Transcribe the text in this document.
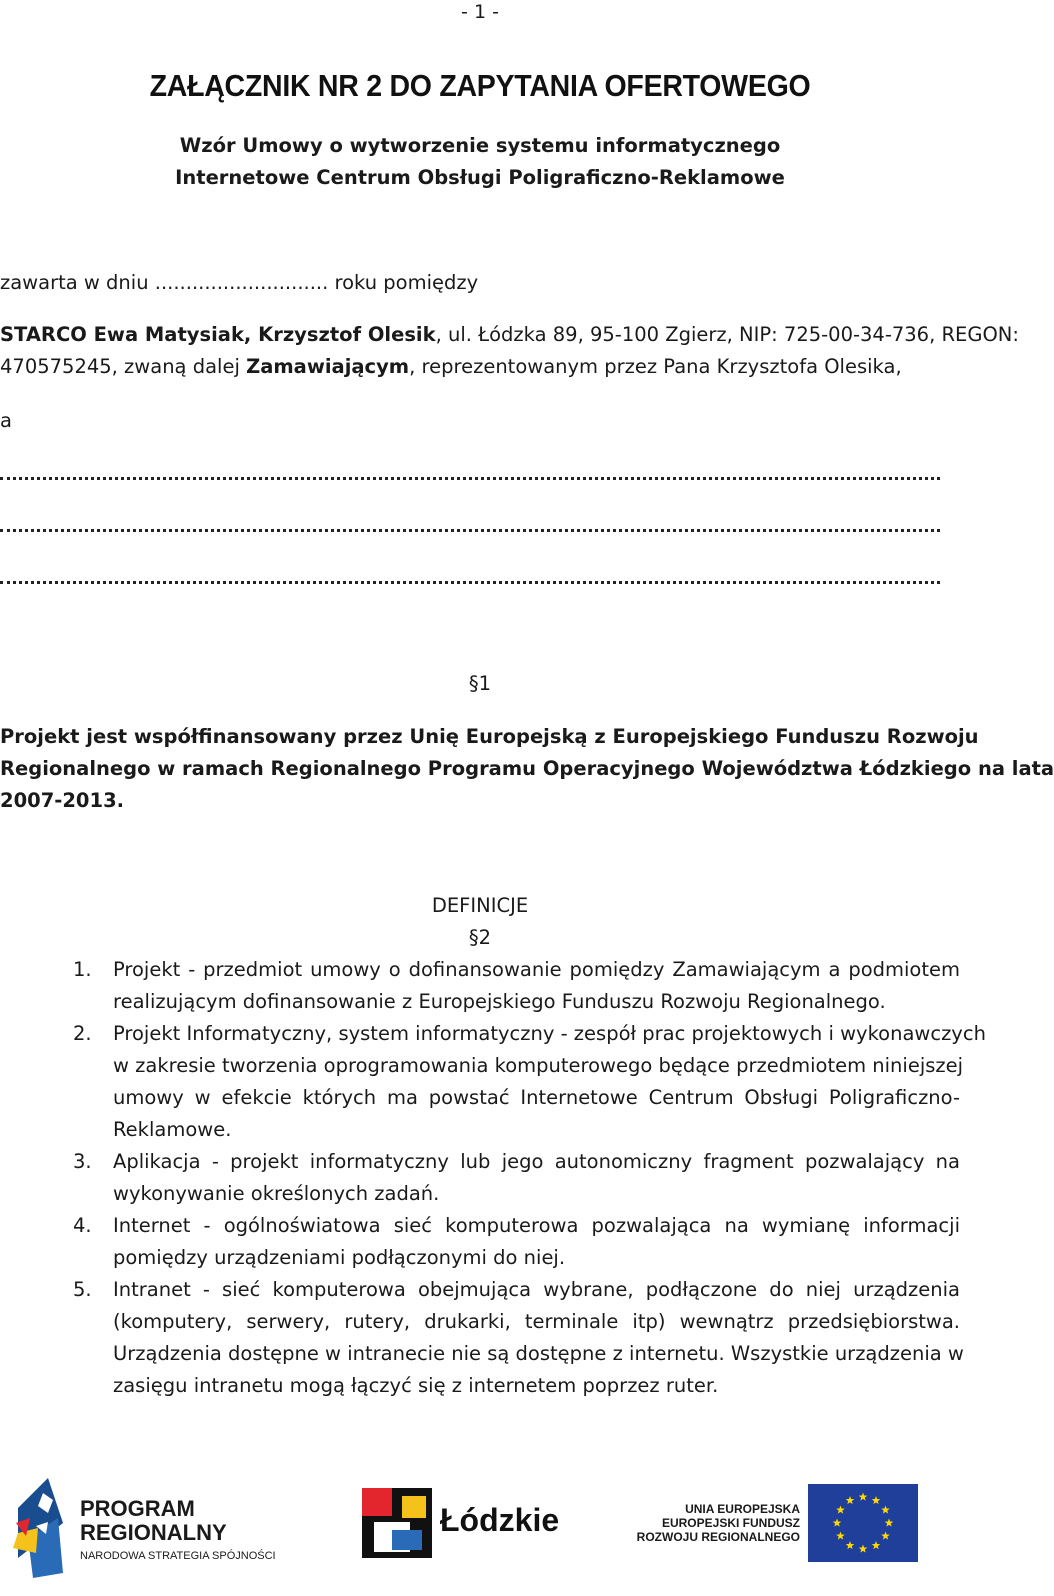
- 1 -
ZAŁĄCZNIK NR 2 DO ZAPYTANIA OFERTOWEGO
Wzór Umowy o wytworzenie systemu informatycznego
Internetowe Centrum Obsługi Poligraficzno-Reklamowe
zawarta w dniu ............................ roku pomiędzy
STARCO Ewa Matysiak, Krzysztof Olesik, ul. Łódzka 89, 95-100 Zgierz, NIP: 725-00-34-736, REGON:
470575245, zwaną dalej Zamawiającym, reprezentowanym przez Pana Krzysztofa Olesika,
a
§1
Projekt jest współfinansowany przez Unię Europejską z Europejskiego Funduszu Rozwoju
Regionalnego w ramach Regionalnego Programu Operacyjnego Województwa Łódzkiego na lata
2007-2013.
DEFINICJE
§2
1. Projekt - przedmiot umowy o dofinansowanie pomiędzy Zamawiającym a podmiotem
realizującym dofinansowanie z Europejskiego Funduszu Rozwoju Regionalnego.
2. Projekt Informatyczny, system informatyczny - zespół prac projektowych i wykonawczych
w zakresie tworzenia oprogramowania komputerowego będące przedmiotem niniejszej
umowy w efekcie których ma powstać Internetowe Centrum Obsługi Poligraficzno-
Reklamowe.
3. Aplikacja - projekt informatyczny lub jego autonomiczny fragment pozwalający na
wykonywanie określonych zadań.
4. Internet - ogólnoświatowa sieć komputerowa pozwalająca na wymianę informacji
pomiędzy urządzeniami podłączonymi do niej.
5. Intranet - sieć komputerowa obejmująca wybrane, podłączone do niej urządzenia
(komputery, serwery, rutery, drukarki, terminale itp) wewnątrz przedsiębiorstwa.
Urządzenia dostępne w intranecie nie są dostępne z internetu. Wszystkie urządzenia w
zasięgu intranetu mogą łączyć się z internetem poprzez ruter.
PROGRAM
REGIONALNY
NARODOWA STRATEGIA SPÓJNOŚCI
Łódzkie	UNIA EUROPEJSKA
EUROPEJSKI FUNDUSZ
ROZWOJU REGIONALNEGO
